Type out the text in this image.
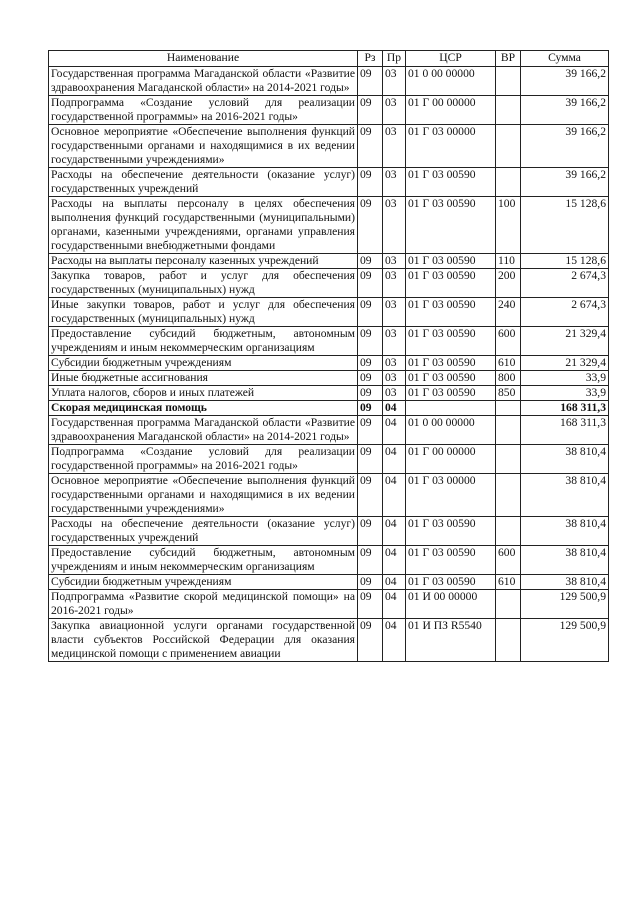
Наименование	Рз	Пр	ЦСР	ВР	Сумма
Государственная программа Магаданской области «Развитие здравоохранения Магаданской области» на 2014-2021 годы»	09	03	01 0 00 00000		39 166,2
Подпрограмма «Создание условий для реализации государственной программы» на 2016-2021 годы»	09	03	01 Г 00 00000		39 166,2
Основное мероприятие «Обеспечение выполнения функций государственными органами и находящимися в их ведении государственными учреждениями»	09	03	01 Г 03 00000		39 166,2
Расходы на обеспечение деятельности (оказание услуг) государственных учреждений	09	03	01 Г 03 00590		39 166,2
Расходы на выплаты персоналу в целях обеспечения выполнения функций государственными (муниципальными) органами, казенными учреждениями, органами управления государственными внебюджетными фондами	09	03	01 Г 03 00590	100	15 128,6
Расходы на выплаты персоналу казенных учреждений	09	03	01 Г 03 00590	110	15 128,6
Закупка товаров, работ и услуг для обеспечения государственных (муниципальных) нужд	09	03	01 Г 03 00590	200	2 674,3
Иные закупки товаров, работ и услуг для обеспечения государственных (муниципальных) нужд	09	03	01 Г 03 00590	240	2 674,3
Предоставление субсидий бюджетным, автономным учреждениям и иным некоммерческим организациям	09	03	01 Г 03 00590	600	21 329,4
Субсидии бюджетным учреждениям	09	03	01 Г 03 00590	610	21 329,4
Иные бюджетные ассигнования	09	03	01 Г 03 00590	800	33,9
Уплата налогов, сборов и иных платежей	09	03	01 Г 03 00590	850	33,9
Скорая медицинская помощь	09	04			168 311,3
Государственная программа Магаданской области «Развитие здравоохранения Магаданской области» на 2014-2021 годы»	09	04	01 0 00 00000		168 311,3
Подпрограмма «Создание условий для реализации государственной программы» на 2016-2021 годы»	09	04	01 Г 00 00000		38 810,4
Основное мероприятие «Обеспечение выполнения функций государственными органами и находящимися в их ведении государственными учреждениями»	09	04	01 Г 03 00000		38 810,4
Расходы на обеспечение деятельности (оказание услуг) государственных учреждений	09	04	01 Г 03 00590		38 810,4
Предоставление субсидий бюджетным, автономным учреждениям и иным некоммерческим организациям	09	04	01 Г 03 00590	600	38 810,4
Субсидии бюджетным учреждениям	09	04	01 Г 03 00590	610	38 810,4
Подпрограмма «Развитие скорой медицинской помощи» на 2016-2021 годы»	09	04	01 И 00 00000		129 500,9
Закупка авиационной услуги органами государственной власти субъектов Российской Федерации для оказания медицинской помощи с применением авиации	09	04	01 И ПЗ R5540		129 500,9
